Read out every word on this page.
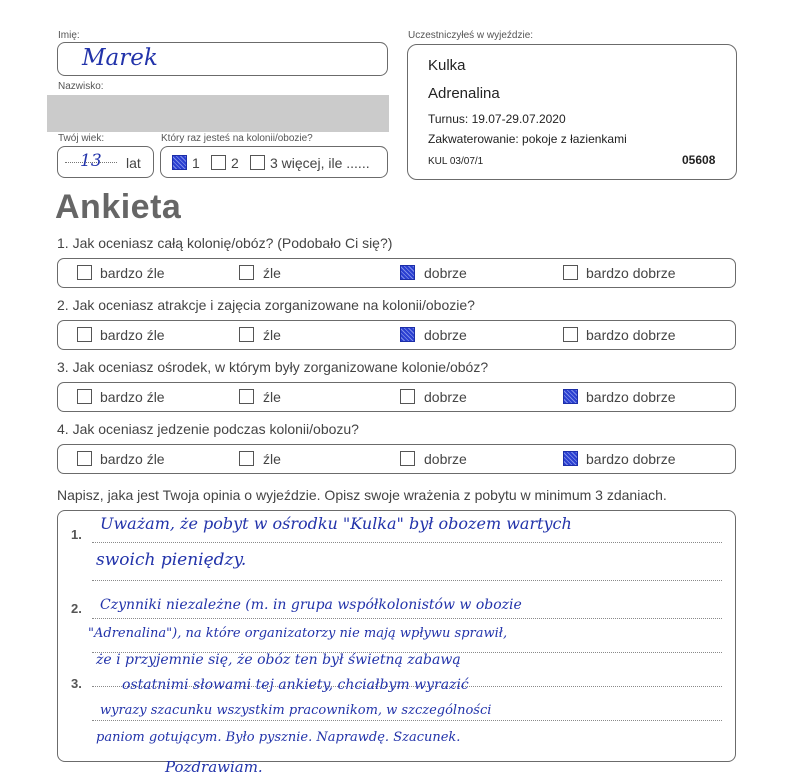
Imię:
Marek
Nazwisko:
Twój wiek:
13 lat
Który raz jesteś na kolonii/obozie?
1 2 3 więcej, ile ......
Uczestniczyłeś w wyjeździe:
Kulka
Adrenalina
Turnus: 19.07-29.07.2020
Zakwaterowanie: pokoje z łazienkami
KUL 03/07/1	05608
Ankieta
1. Jak oceniasz całą kolonię/obóz? (Podobało Ci się?)
bardzo źle	źle	dobrze	bardzo dobrze
2. Jak oceniasz atrakcje i zajęcia zorganizowane na kolonii/obozie?
bardzo źle	źle	dobrze	bardzo dobrze
3. Jak oceniasz ośrodek, w którym były zorganizowane kolonie/obóz?
bardzo źle	źle	dobrze	bardzo dobrze
4. Jak oceniasz jedzenie podczas kolonii/obozu?
bardzo źle	źle	dobrze	bardzo dobrze
Napisz, jaka jest Twoja opinia o wyjeździe. Opisz swoje wrażenia z pobytu w minimum 3 zdaniach.
1.
2.
3.
Uważam, że pobyt w ośrodku "Kulka" był obozem wartych
swoich pieniędzy.
Czynniki niezależne (m. in grupa współkolonistów w obozie
"Adrenalina"), na które organizatorzy nie mają wpływu sprawił,
że i przyjemnie się, że obóz ten był świetną zabawą
ostatnimi słowami tej ankiety, chciałbym wyrazić
wyrazy szacunku wszystkim pracownikom, w szczególności
paniom gotującym. Było pysznie. Naprawdę. Szacunek.
Pozdrawiam.
